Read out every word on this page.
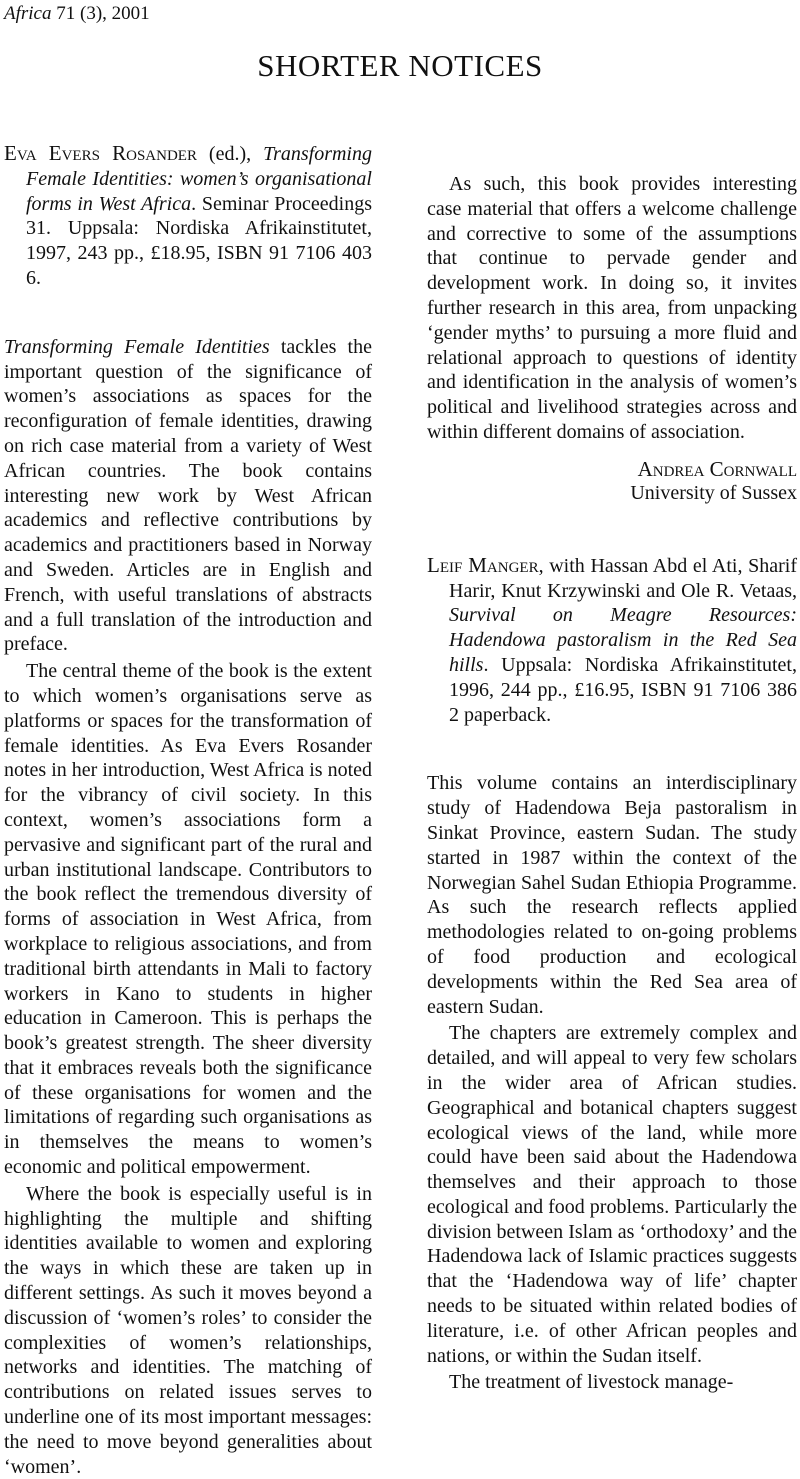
Africa 71 (3), 2001
SHORTER NOTICES

Eva Evers Rosander (ed.), Transforming Female Identities: women’s organisational forms in West Africa. Seminar Proceedings 31. Uppsala: Nordiska Afrikainstitutet, 1997, 243 pp., £18.95, ISBN 91 7106 403 6.

Transforming Female Identities tackles the important question of the significance of women’s associations as spaces for the reconfiguration of female identities, drawing on rich case material from a variety of West African countries. The book contains interesting new work by West African academics and reflective contributions by academics and practitioners based in Norway and Sweden. Articles are in English and French, with useful translations of abstracts and a full translation of the introduction and preface.

The central theme of the book is the extent to which women’s organisations serve as platforms or spaces for the transformation of female identities. As Eva Evers Rosander notes in her introduction, West Africa is noted for the vibrancy of civil society. In this context, women’s associations form a pervasive and significant part of the rural and urban institutional landscape. Contributors to the book reflect the tremendous diversity of forms of association in West Africa, from workplace to religious associations, and from traditional birth attendants in Mali to factory workers in Kano to students in higher education in Cameroon. This is perhaps the book’s greatest strength. The sheer diversity that it embraces reveals both the significance of these organisations for women and the limitations of regarding such organisations as in themselves the means to women’s economic and political empowerment.

Where the book is especially useful is in highlighting the multiple and shifting identities available to women and exploring the ways in which these are taken up in different settings. As such it moves beyond a discussion of ‘women’s roles’ to consider the complexities of women’s relationships, networks and identities. The matching of contributions on related issues serves to underline one of its most important messages: the need to move beyond generalities about ‘women’.

As such, this book provides interesting case material that offers a welcome challenge and corrective to some of the assumptions that continue to pervade gender and development work. In doing so, it invites further research in this area, from unpacking ‘gender myths’ to pursuing a more fluid and relational approach to questions of identity and identification in the analysis of women’s political and livelihood strategies across and within different domains of association.

Andrea Cornwall

University of Sussex

Leif Manger, with Hassan Abd el Ati, Sharif Harir, Knut Krzywinski and Ole R. Vetaas, Survival on Meagre Resources: Hadendowa pastoralism in the Red Sea hills. Uppsala: Nordiska Afrikainstitutet, 1996, 244 pp., £16.95, ISBN 91 7106 386 2 paperback.

This volume contains an interdisciplinary study of Hadendowa Beja pastoralism in Sinkat Province, eastern Sudan. The study started in 1987 within the context of the Norwegian Sahel Sudan Ethiopia Programme. As such the research reflects applied methodologies related to on-going problems of food production and ecological developments within the Red Sea area of eastern Sudan.

The chapters are extremely complex and detailed, and will appeal to very few scholars in the wider area of African studies. Geographical and botanical chapters suggest ecological views of the land, while more could have been said about the Hadendowa themselves and their approach to those ecological and food problems. Particularly the division between Islam as ‘orthodoxy’ and the Hadendowa lack of Islamic practices suggests that the ‘Hadendowa way of life’ chapter needs to be situated within related bodies of literature, i.e. of other African peoples and nations, or within the Sudan itself.

The treatment of livestock manage-
